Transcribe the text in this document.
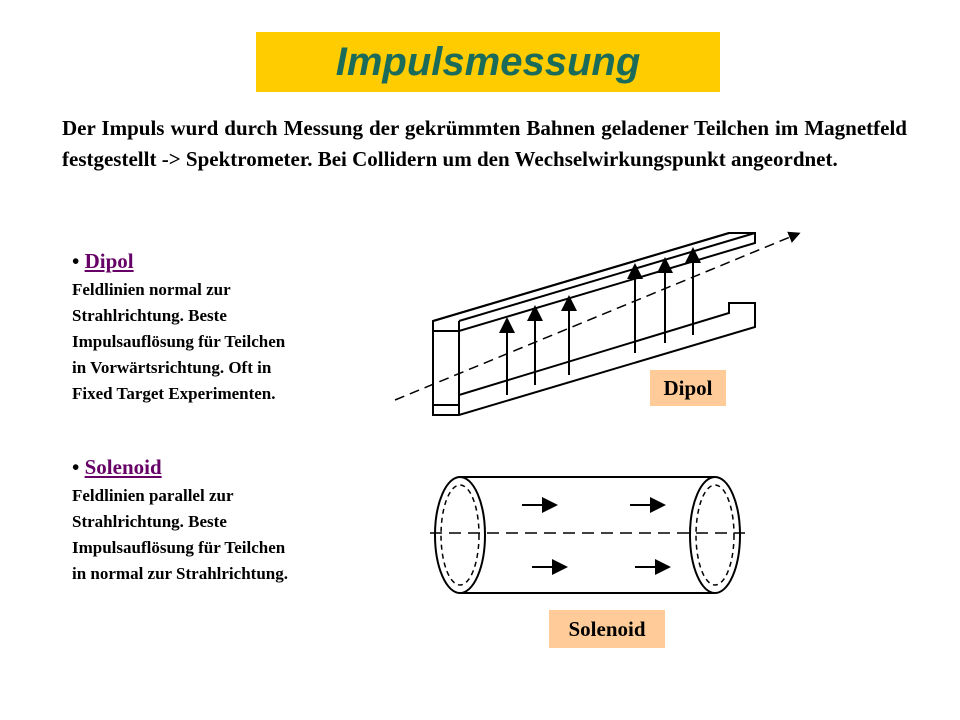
Impulsmessung
Der Impuls wurd durch Messung der gekrümmten Bahnen geladener Teilchen im Magnetfeld festgestellt -> Spektrometer. Bei Collidern um den Wechselwirkungspunkt angeordnet.
• Dipol
Feldlinien normal zur
Strahlrichtung. Beste
Impulsauflösung für Teilchen
in Vorwärtsrichtung. Oft in
Fixed Target Experimenten.
• Solenoid
Feldlinien parallel zur
Strahlrichtung. Beste
Impulsauflösung für Teilchen
in normal zur Strahlrichtung.
Dipol
Solenoid
